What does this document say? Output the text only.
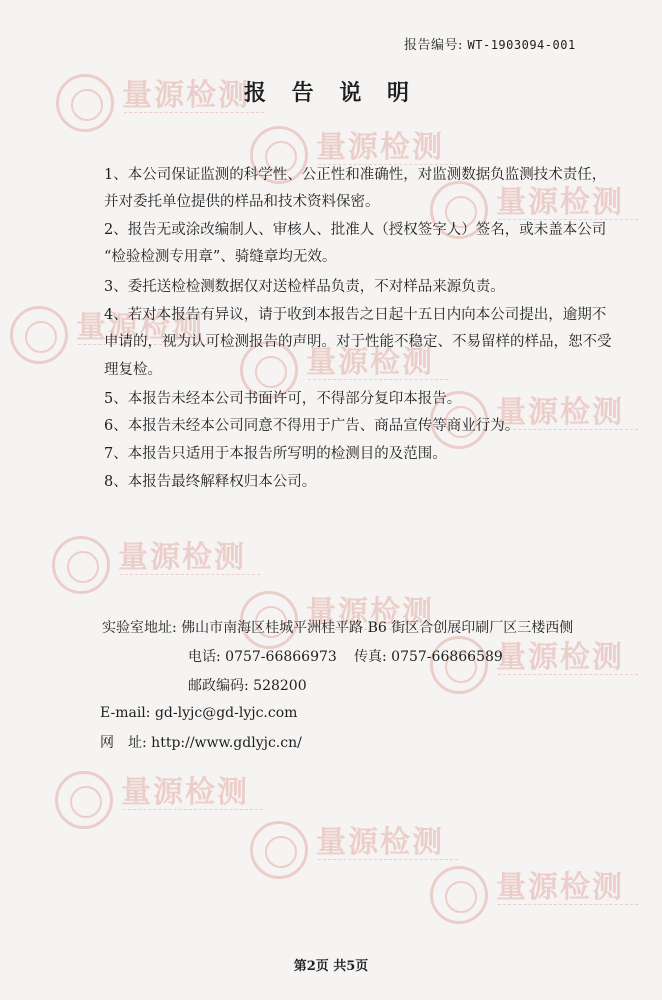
量源检测
量源检测
量源检测
量源检测
量源检测
量源检测
量源检测
量源检测
量源检测
量源检测
量源检测
量源检测
报告编号: WT-1903094-001
报 告 说 明
1、本公司保证监测的科学性、公正性和准确性，对监测数据负监测技术责任，
并对委托单位提供的样品和技术资料保密。
2、报告无或涂改编制人、审核人、批准人（授权签字人）签名，或未盖本公司
“检验检测专用章”、骑缝章均无效。
3、委托送检检测数据仅对送检样品负责，不对样品来源负责。
4、若对本报告有异议，请于收到本报告之日起十五日内向本公司提出，逾期不
申请的，视为认可检测报告的声明。对于性能不稳定、不易留样的样品，恕不受
理复检。
5、本报告未经本公司书面许可，不得部分复印本报告。
6、本报告未经本公司同意不得用于广告、商品宣传等商业行为。
7、本报告只适用于本报告所写明的检测目的及范围。
8、本报告最终解释权归本公司。
实验室地址: 佛山市南海区桂城平洲桂平路 B6 街区合创展印刷厂区三楼西侧
电话: 0757-66866973 传真: 0757-66866589
邮政编码: 528200
E-mail: gd-lyjc@gd-lyjc.com
网　址: http://www.gdlyjc.cn/
第2页 共5页
